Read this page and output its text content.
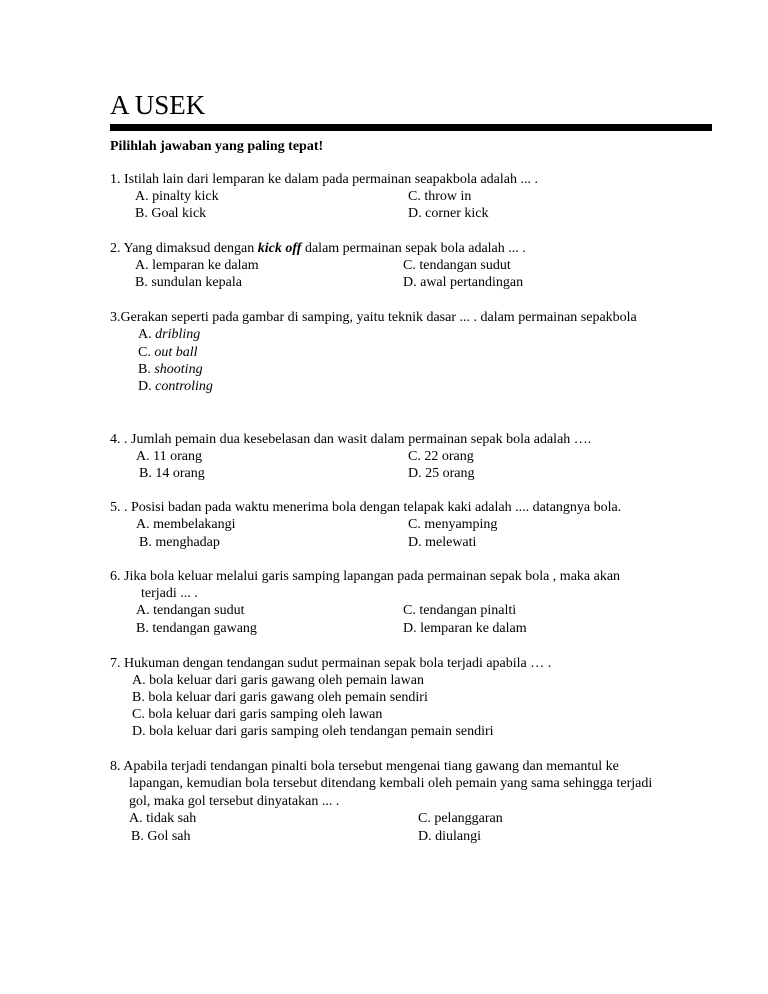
A USEK
Pilihlah jawaban yang paling tepat!
1. Istilah lain dari lemparan ke dalam pada permainan seapakbola adalah ... .
A. pinalty kick	C. throw in
B. Goal kick	D. corner kick
2. Yang dimaksud dengan kick off dalam permainan sepak bola adalah ... .
A. lemparan ke dalam	C. tendangan sudut
B. sundulan kepala	D. awal pertandingan
3.Gerakan seperti pada gambar di samping, yaitu teknik dasar ... . dalam permainan sepakbola
A. dribling
C. out ball
B. shooting
D. controling
4. . Jumlah pemain dua kesebelasan dan wasit dalam permainan sepak bola adalah ….
A. 11 orang	C. 22 orang
B. 14 orang	D. 25 orang
5. . Posisi badan pada waktu menerima bola dengan telapak kaki adalah .... datangnya bola.
A. membelakangi	C. menyamping
B. menghadap	D. melewati
6. Jika bola keluar melalui garis samping lapangan pada permainan sepak bola , maka akan
terjadi ... .
A. tendangan sudut	C. tendangan pinalti
B. tendangan gawang	D. lemparan ke dalam
7. Hukuman dengan tendangan sudut permainan sepak bola terjadi apabila … .
A. bola keluar dari garis gawang oleh pemain lawan
B. bola keluar dari garis gawang oleh pemain sendiri
C. bola keluar dari garis samping oleh lawan
D. bola keluar dari garis samping oleh tendangan pemain sendiri
8. Apabila terjadi tendangan pinalti bola tersebut mengenai tiang gawang dan memantul ke
lapangan, kemudian bola tersebut ditendang kembali oleh pemain yang sama sehingga terjadi
gol, maka gol tersebut dinyatakan ... .
A. tidak sah	C. pelanggaran
B. Gol sah	D. diulangi
